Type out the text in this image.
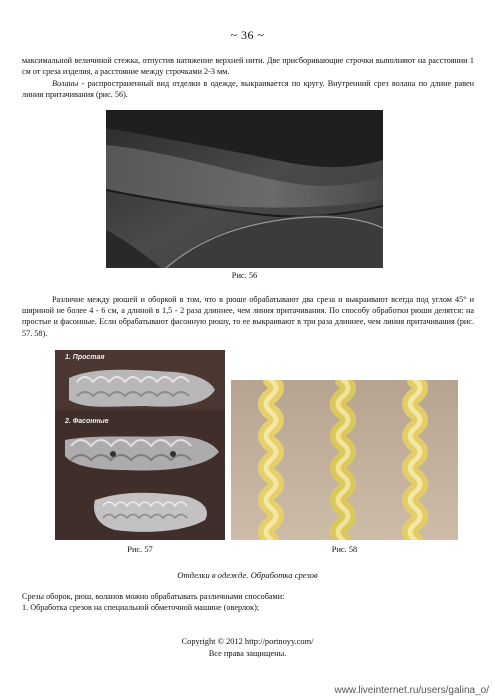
~ 36 ~

максимальной величиной стежка, отпустив натяжение верхней нити. Две присборивающие строчки выполняют на расстоянии 1 см от среза изделия, а расстояние между строчками 2-3 мм.

Воланы - распространенный вид отделки в одежде, выкраивается по кругу. Внутренний срез волана по длине равен линии притачивания (рис. 56).

Рис. 56

Различие между рюшей и оборкой в том, что в рюше обрабатывают два среза и выкраивают всегда под углом 45° и шириной не более 4 - 6 см, а длиной в 1,5 - 2 раза длиннее, чем линия притачивания. По способу обработки рюши делятся: на простые и фасонные. Если обрабатывают фасонную рюшу, то ее выкраивают в три раза длиннее, чем линия притачивания (рис. 57. 58).

1. Простая
2. Фасонные
Рис. 57	Рис. 58
Отделки в одежде. Обработка срезов

Срезы оборок, рюш, воланов можно обрабатывать различными способами:

1. Обработка срезов на специальной обметочной машине (оверлок);

Copyright © 2012 http://portnoyy.com/
Все права защищены.
www.liveinternet.ru/users/galina_o/
